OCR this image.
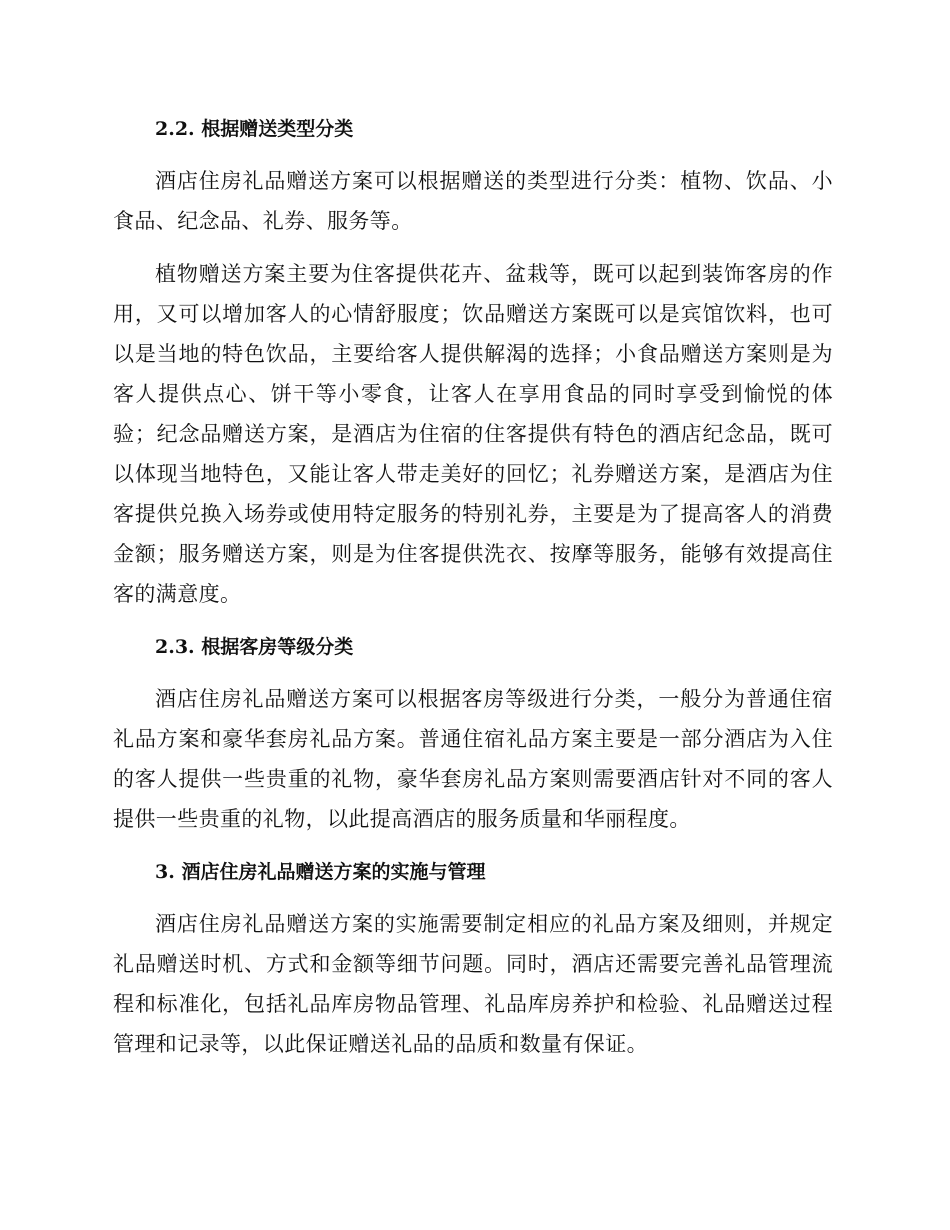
2.2. 根据赠送类型分类

酒店住房礼品赠送方案可以根据赠送的类型进行分类：植物、饮品、小食品、纪念品、礼券、服务等。

植物赠送方案主要为住客提供花卉、盆栽等，既可以起到装饰客房的作用，又可以增加客人的心情舒服度；饮品赠送方案既可以是宾馆饮料，也可以是当地的特色饮品，主要给客人提供解渴的选择；小食品赠送方案则是为客人提供点心、饼干等小零食，让客人在享用食品的同时享受到愉悦的体验；纪念品赠送方案，是酒店为住宿的住客提供有特色的酒店纪念品，既可以体现当地特色，又能让客人带走美好的回忆；礼券赠送方案，是酒店为住客提供兑换入场券或使用特定服务的特别礼券，主要是为了提高客人的消费金额；服务赠送方案，则是为住客提供洗衣、按摩等服务，能够有效提高住客的满意度。

2.3. 根据客房等级分类

酒店住房礼品赠送方案可以根据客房等级进行分类，一般分为普通住宿礼品方案和豪华套房礼品方案。普通住宿礼品方案主要是一部分酒店为入住的客人提供一些贵重的礼物，豪华套房礼品方案则需要酒店针对不同的客人提供一些贵重的礼物，以此提高酒店的服务质量和华丽程度。

3. 酒店住房礼品赠送方案的实施与管理

酒店住房礼品赠送方案的实施需要制定相应的礼品方案及细则，并规定礼品赠送时机、方式和金额等细节问题。同时，酒店还需要完善礼品管理流程和标准化，包括礼品库房物品管理、礼品库房养护和检验、礼品赠送过程管理和记录等，以此保证赠送礼品的品质和数量有保证。
